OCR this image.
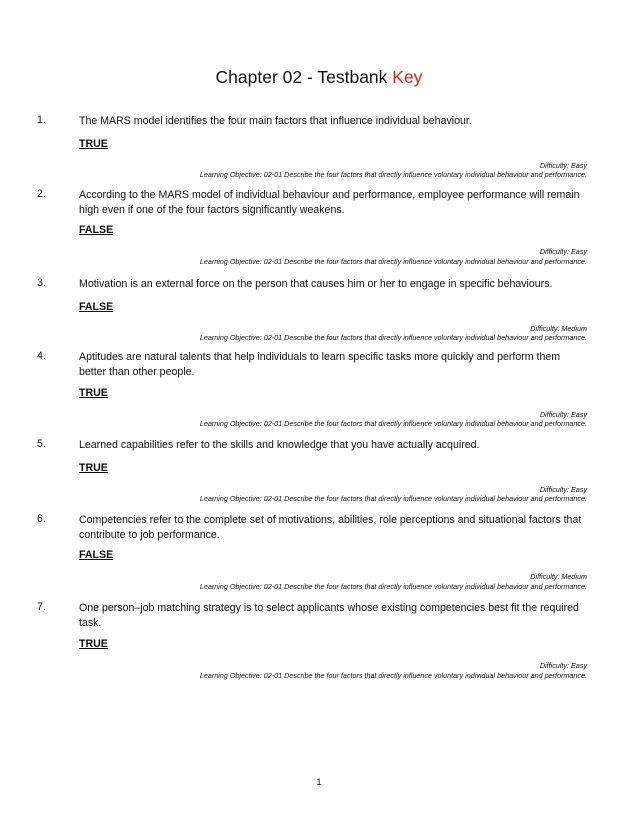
Chapter 02 - Testbank Key
1.	The MARS model identifies the four main factors that influence individual behaviour.
TRUE
Difficulty: Easy
Learning Objective: 02-01 Describe the four factors that directly influence voluntary individual behaviour and performance.
2.	According to the MARS model of individual behaviour and performance, employee performance will remain high even if one of the four factors significantly weakens.
FALSE
Difficulty: Easy
Learning Objective: 02-01 Describe the four factors that directly influence voluntary individual behaviour and performance.
3.	Motivation is an external force on the person that causes him or her to engage in specific behaviours.
FALSE
Difficulty: Medium
Learning Objective: 02-01 Describe the four factors that directly influence voluntary individual behaviour and performance.
4.	Aptitudes are natural talents that help individuals to learn specific tasks more quickly and perform them better than other people.
TRUE
Difficulty: Easy
Learning Objective: 02-01 Describe the four factors that directly influence voluntary individual behaviour and performance.
5.	Learned capabilities refer to the skills and knowledge that you have actually acquired.
TRUE
Difficulty: Easy
Learning Objective: 02-01 Describe the four factors that directly influence voluntary individual behaviour and performance.
6.	Competencies refer to the complete set of motivations, abilities, role perceptions and situational factors that contribute to job performance.
FALSE
Difficulty: Medium
Learning Objective: 02-01 Describe the four factors that directly influence voluntary individual behaviour and performance.
7.	One person–job matching strategy is to select applicants whose existing competencies best fit the required task.
TRUE
Difficulty: Easy
Learning Objective: 02-01 Describe the four factors that directly influence voluntary individual behaviour and performance.
1
